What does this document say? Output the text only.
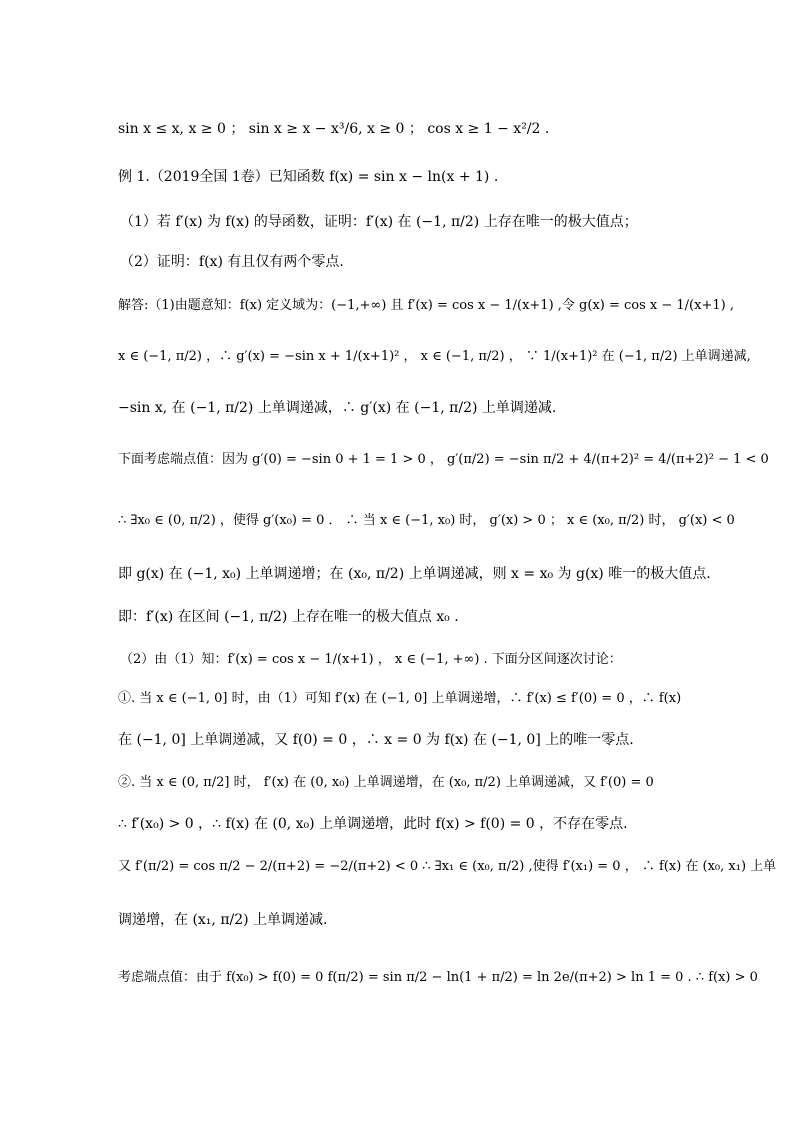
sin x ≤ x, x ≥ 0 ； sin x ≥ x − x³/6, x ≥ 0 ； cos x ≥ 1 − x²/2 .
例 1.（2019全国 1卷）已知函数 f(x) = sin x − ln(x + 1) .
（1）若 f′(x) 为 f(x) 的导函数，证明：f′(x) 在 (−1, π/2) 上存在唯一的极大值点；
（2）证明：f(x) 有且仅有两个零点.
解答:（1)由题意知：f(x) 定义域为：(−1,+∞) 且 f′(x) = cos x − 1/(x+1) ,令 g(x) = cos x − 1/(x+1) ,
x ∈ (−1, π/2) ，∴ g′(x) = −sin x + 1/(x+1)² ， x ∈ (−1, π/2) ， ∵ 1/(x+1)² 在 (−1, π/2) 上单调递减,
−sin x, 在 (−1, π/2) 上单调递减，∴ g′(x) 在 (−1, π/2) 上单调递减.
下面考虑端点值：因为 g′(0) = −sin 0 + 1 = 1 > 0 ， g′(π/2) = −sin π/2 + 4/(π+2)² = 4/(π+2)² − 1 < 0
∴ ∃x₀ ∈ (0, π/2) ，使得 g′(x₀) = 0 ． ∴ 当 x ∈ (−1, x₀) 时， g′(x) > 0 ； x ∈ (x₀, π/2) 时， g′(x) < 0
即 g(x) 在 (−1, x₀) 上单调递增；在 (x₀, π/2) 上单调递减，则 x = x₀ 为 g(x) 唯一的极大值点.
即：f′(x) 在区间 (−1, π/2) 上存在唯一的极大值点 x₀ .
（2）由（1）知：f′(x) = cos x − 1/(x+1) ， x ∈ (−1, +∞) . 下面分区间逐次讨论：
①. 当 x ∈ (−1, 0] 时，由（1）可知 f′(x) 在 (−1, 0] 上单调递增，∴ f′(x) ≤ f′(0) = 0 ，∴ f(x)
在 (−1, 0] 上单调递减，又 f(0) = 0 ，∴ x = 0 为 f(x) 在 (−1, 0] 上的唯一零点.
②. 当 x ∈ (0, π/2] 时， f′(x) 在 (0, x₀) 上单调递增，在 (x₀, π/2) 上单调递减，又 f′(0) = 0
∴ f′(x₀) > 0 ，∴ f(x) 在 (0, x₀) 上单调递增，此时 f(x) > f(0) = 0 ，不存在零点.
又 f′(π/2) = cos π/2 − 2/(π+2) = −2/(π+2) < 0 ∴ ∃x₁ ∈ (x₀, π/2) ,使得 f′(x₁) = 0 ， ∴ f(x) 在 (x₀, x₁) 上单
调递增，在 (x₁, π/2) 上单调递减.
考虑端点值：由于 f(x₀) > f(0) = 0 f(π/2) = sin π/2 − ln(1 + π/2) = ln 2e/(π+2) > ln 1 = 0 . ∴ f(x) > 0
